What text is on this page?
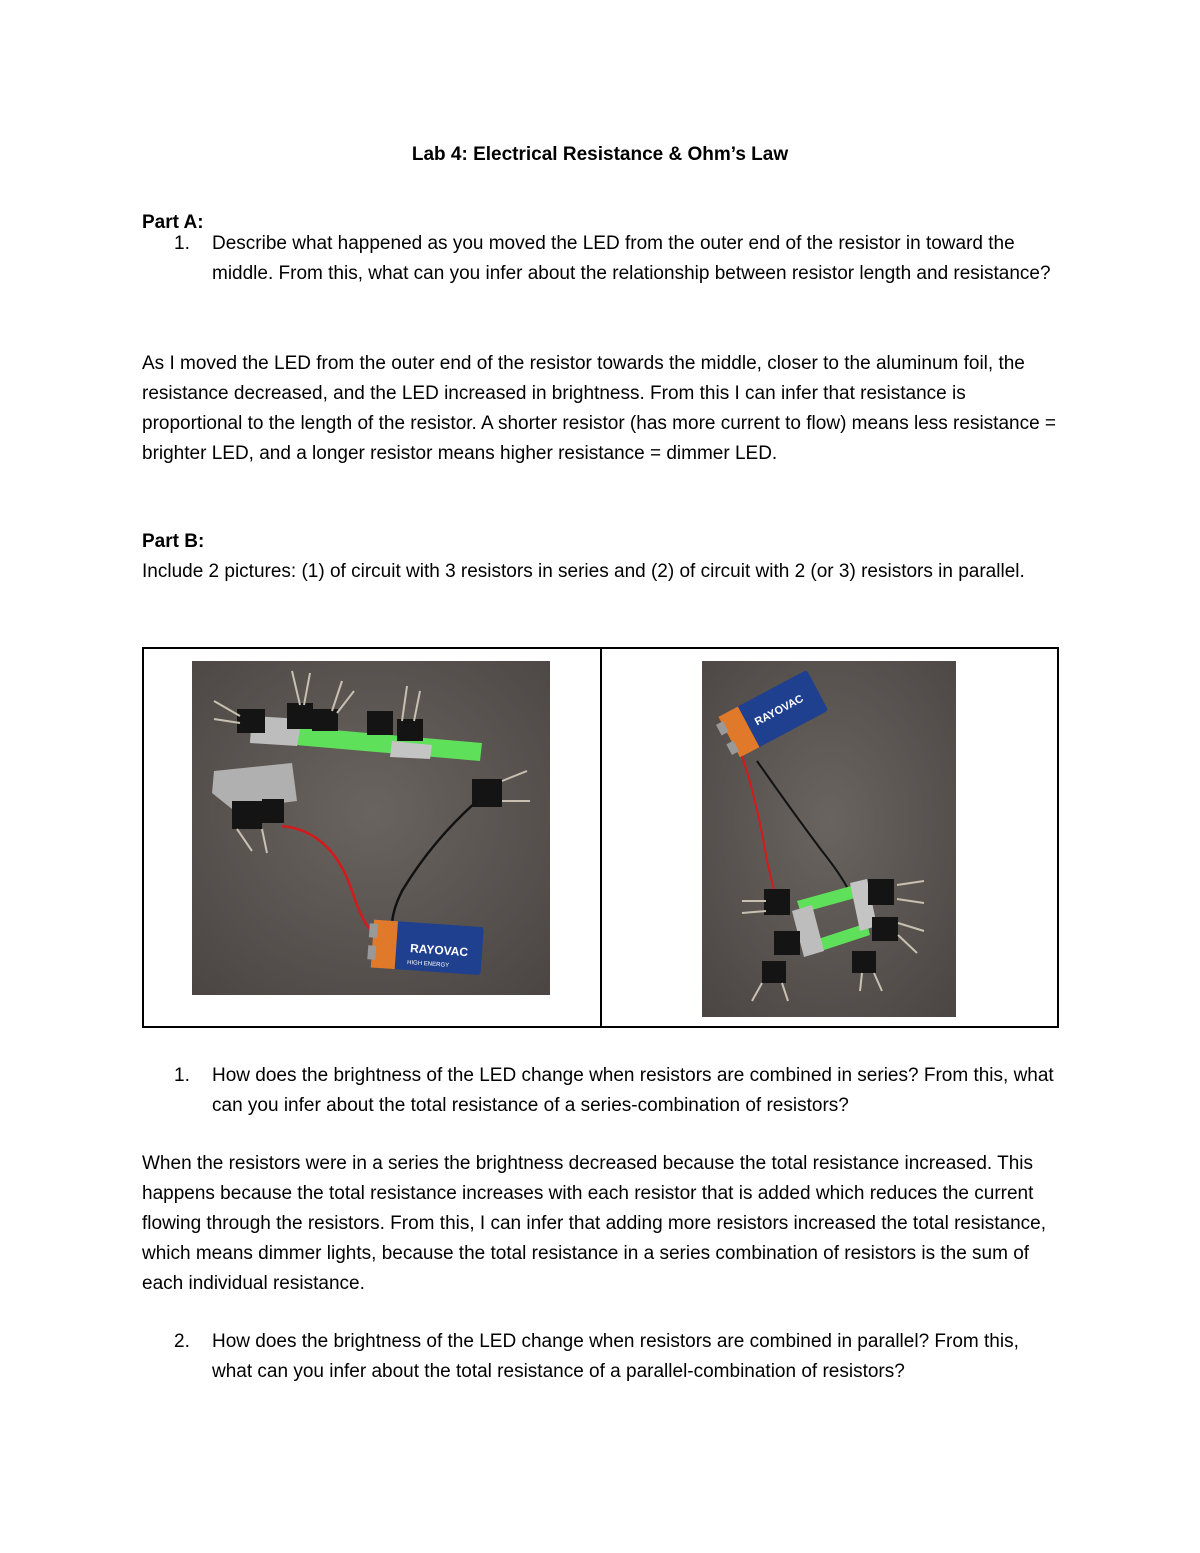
Lab 4: Electrical Resistance & Ohm’s Law
Part A:
1.	Describe what happened as you moved the LED from the outer end of the resistor in toward the middle. From this, what can you infer about the relationship between resistor length and resistance?

As I moved the LED from the outer end of the resistor towards the middle, closer to the aluminum foil, the resistance decreased, and the LED increased in brightness. From this I can infer that resistance is proportional to the length of the resistor. A shorter resistor (has more current to flow) means less resistance = brighter LED, and a longer resistor means higher resistance = dimmer LED.

Part B:

Include 2 pictures: (1) of circuit with 3 resistors in series and (2) of circuit with 2 (or 3) resistors in parallel.

RAYOVAC
HIGH ENERGY
RAYOVAC
1.	How does the brightness of the LED change when resistors are combined in series? From this, what can you infer about the total resistance of a series-combination of resistors?

When the resistors were in a series the brightness decreased because the total resistance increased. This happens because the total resistance increases with each resistor that is added which reduces the current flowing through the resistors. From this, I can infer that adding more resistors increased the total resistance, which means dimmer lights, because the total resistance in a series combination of resistors is the sum of each individual resistance.

2.	How does the brightness of the LED change when resistors are combined in parallel? From this, what can you infer about the total resistance of a parallel-combination of resistors?
